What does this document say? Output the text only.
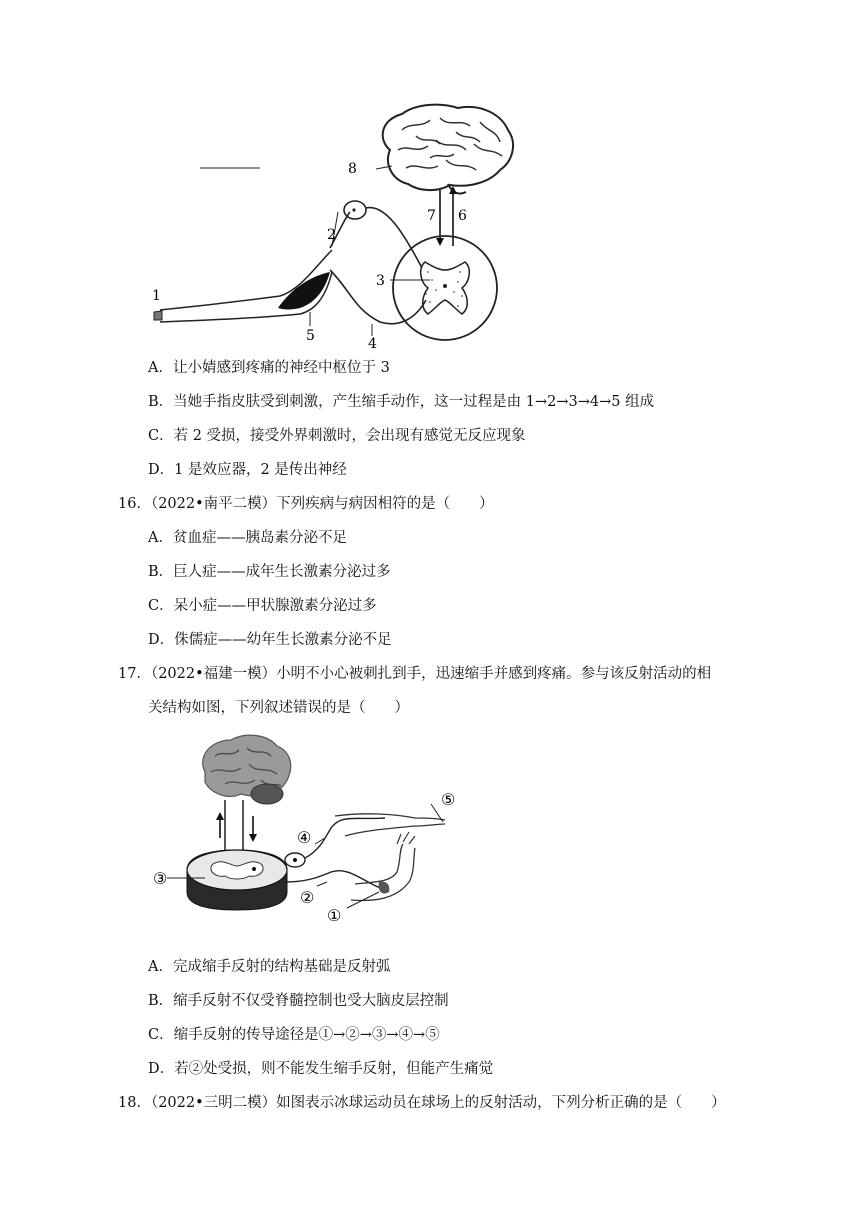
1
2
3
4
5
6
7
8
A．让小婧感到疼痛的神经中枢位于 3
B．当她手指皮肤受到刺激，产生缩手动作，这一过程是由 1→2→3→4→5 组成
C．若 2 受损，接受外界刺激时，会出现有感觉无反应现象
D．1 是效应器，2 是传出神经
16．（2022•南平二模）下列疾病与病因相符的是（　　）
A．贫血症——胰岛素分泌不足
B．巨人症——成年生长激素分泌过多
C．呆小症——甲状腺激素分泌过多
D．侏儒症——幼年生长激素分泌不足
17．（2022•福建一模）小明不小心被刺扎到手，迅速缩手并感到疼痛。参与该反射活动的相
关结构如图，下列叙述错误的是（　　）
④
⑤
③
②
①
A．完成缩手反射的结构基础是反射弧
B．缩手反射不仅受脊髓控制也受大脑皮层控制
C．缩手反射的传导途径是①→②→③→④→⑤
D．若②处受损，则不能发生缩手反射，但能产生痛觉
18．（2022•三明二模）如图表示冰球运动员在球场上的反射活动，下列分析正确的是（　　）
